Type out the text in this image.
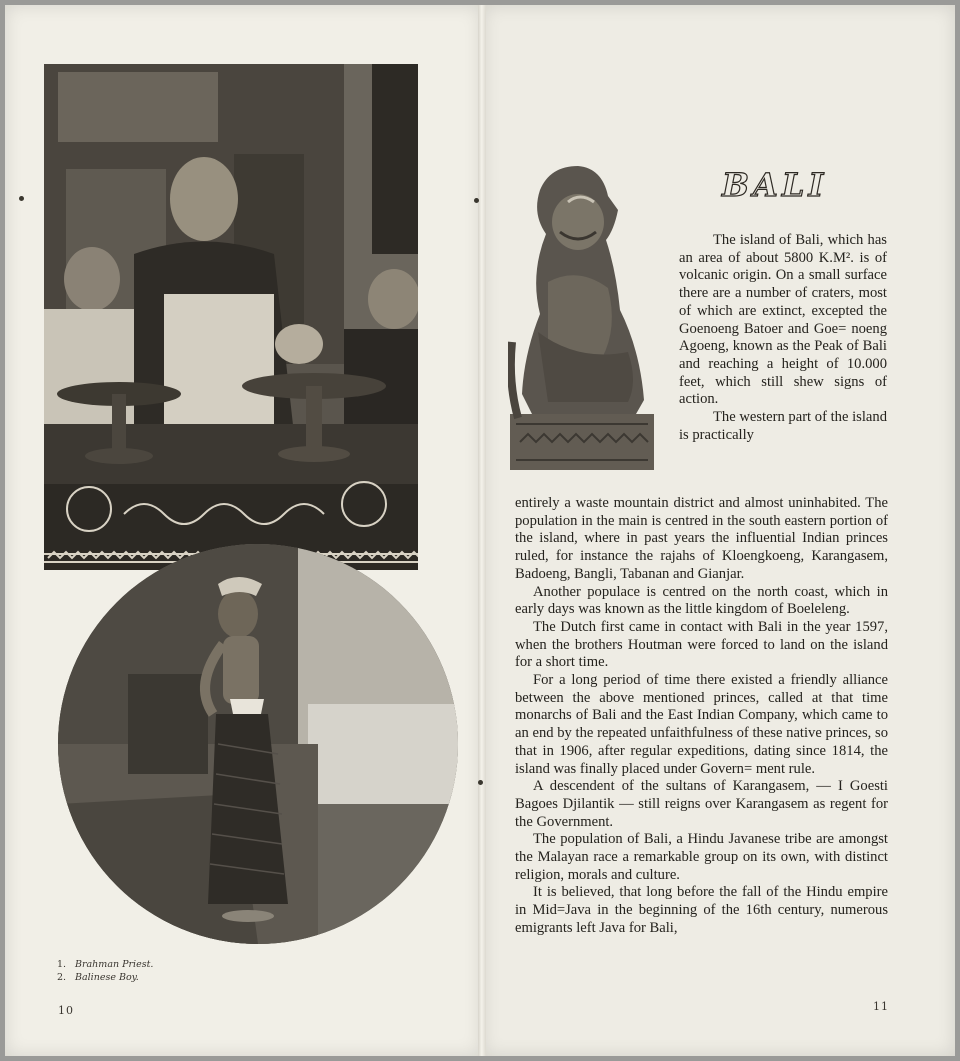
1. Brahman Priest.
2. Balinese Boy.
10	11
BALI

The island of Bali, which has an area of about 5800 K.M². is of volcanic origin. On a small surface there are a number of craters, most of which are extinct, excepted the Goenoeng Batoer and Goe= noeng Agoeng, known as the Peak of Bali and reaching a height of 10.000 feet, which still shew signs of action.

The western part of the island is practically

entirely a waste mountain district and almost uninhabited. The population in the main is centred in the south eastern portion of the island, where in past years the influential Indian princes ruled, for instance the rajahs of Kloengkoeng, Karangasem, Badoeng, Bangli, Tabanan and Gianjar.

Another populace is centred on the north coast, which in early days was known as the little kingdom of Boeleleng.

The Dutch first came in contact with Bali in the year 1597, when the brothers Houtman were forced to land on the island for a short time.

For a long period of time there existed a friendly alliance between the above mentioned princes, called at that time monarchs of Bali and the East Indian Company, which came to an end by the repeated unfaithfulness of these native princes, so that in 1906, after regular expeditions, dating since 1814, the island was finally placed under Govern= ment rule.

A descendent of the sultans of Karangasem, — I Goesti Bagoes Djilantik — still reigns over Karangasem as regent for the Government.

The population of Bali, a Hindu Javanese tribe are amongst the Malayan race a remarkable group on its own, with distinct religion, morals and culture.

It is believed, that long before the fall of the Hindu empire in Mid=Java in the beginning of the 16th century, numerous emigrants left Java for Bali,
